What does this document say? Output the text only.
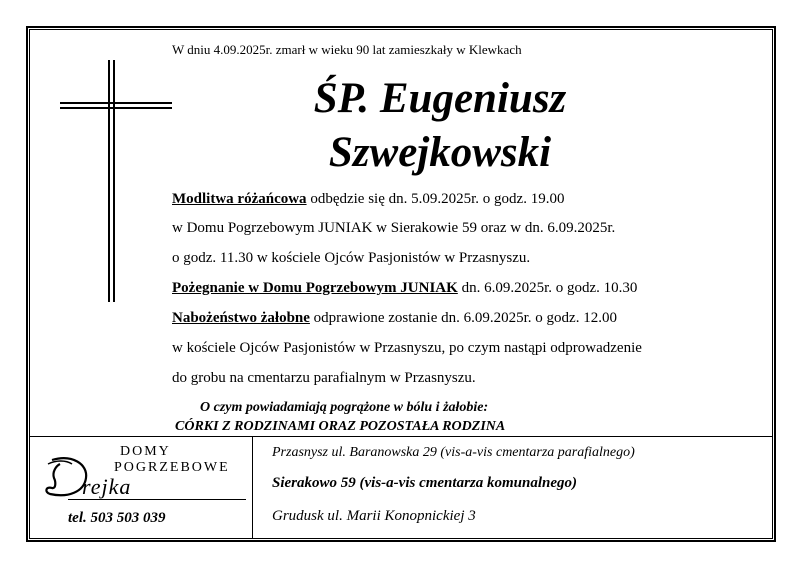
W dniu 4.09.2025r. zmarł w wieku 90 lat zamieszkały w Klewkach
ŚP. Eugeniusz
Szwejkowski
Modlitwa różańcowa odbędzie się dn. 5.09.2025r. o godz. 19.00
w Domu Pogrzebowym JUNIAK w Sierakowie 59 oraz w dn. 6.09.2025r.
o godz. 11.30 w kościele Ojców Pasjonistów w Przasnyszu.
Pożegnanie w Domu Pogrzebowym JUNIAK dn. 6.09.2025r. o godz. 10.30
Nabożeństwo żałobne odprawione zostanie dn. 6.09.2025r. o godz. 12.00
w kościele Ojców Pasjonistów w Przasnyszu, po czym nastąpi odprowadzenie
do grobu na cmentarzu parafialnym w Przasnyszu.
O czym powiadamiają pogrążone w bólu i żałobie:
CÓRKI Z RODZINAMI ORAZ POZOSTAŁA RODZINA
DOMY
POGRZEBOWE
rejka
tel. 503 503 039
Przasnysz ul. Baranowska 29 (vis-a-vis cmentarza parafialnego)
Sierakowo 59 (vis-a-vis cmentarza komunalnego)
Grudusk ul. Marii Konopnickiej 3
